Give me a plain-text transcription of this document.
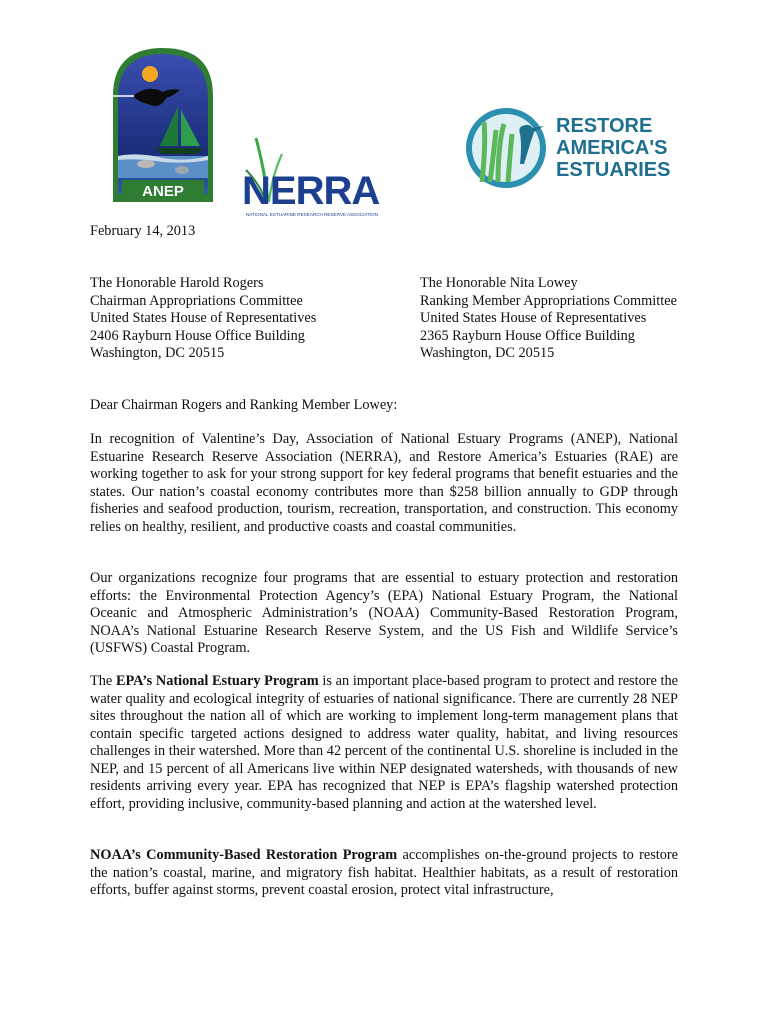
ANEP NERRA
NATIONAL ESTUARINE RESEARCH RESERVE ASSOCIATION
RESTORE
AMERICA'S
ESTUARIES
February 14, 2013
The Honorable Harold Rogers
Chairman Appropriations Committee
United States House of Representatives
2406 Rayburn House Office Building
Washington, DC 20515
The Honorable Nita Lowey
Ranking Member Appropriations Committee
United States House of Representatives
2365 Rayburn House Office Building
Washington, DC 20515
Dear Chairman Rogers and Ranking Member Lowey:

In recognition of Valentine’s Day, Association of National Estuary Programs (ANEP), National Estuarine Research Reserve Association (NERRA), and Restore America’s Estuaries (RAE) are working together to ask for your strong support for key federal programs that benefit estuaries and the states. Our nation’s coastal economy contributes more than $258 billion annually to GDP through fisheries and seafood production, tourism, recreation, transportation, and construction. This economy relies on healthy, resilient, and productive coasts and coastal communities.

Our organizations recognize four programs that are essential to estuary protection and restoration efforts: the Environmental Protection Agency’s (EPA) National Estuary Program, the National Oceanic and Atmospheric Administration’s (NOAA) Community-Based Restoration Program, NOAA’s National Estuarine Research Reserve System, and the US Fish and Wildlife Service’s (USFWS) Coastal Program.

The EPA’s National Estuary Program is an important place-based program to protect and restore the water quality and ecological integrity of estuaries of national significance. There are currently 28 NEP sites throughout the nation all of which are working to implement long-term management plans that contain specific targeted actions designed to address water quality, habitat, and living resources challenges in their watershed. More than 42 percent of the continental U.S. shoreline is included in the NEP, and 15 percent of all Americans live within NEP designated watersheds, with thousands of new residents arriving every year. EPA has recognized that NEP is EPA’s flagship watershed protection effort, providing inclusive, community-based planning and action at the watershed level.

NOAA’s Community-Based Restoration Program accomplishes on-the-ground projects to restore the nation’s coastal, marine, and migratory fish habitat. Healthier habitats, as a result of restoration efforts, buffer against storms, prevent coastal erosion, protect vital infrastructure,
